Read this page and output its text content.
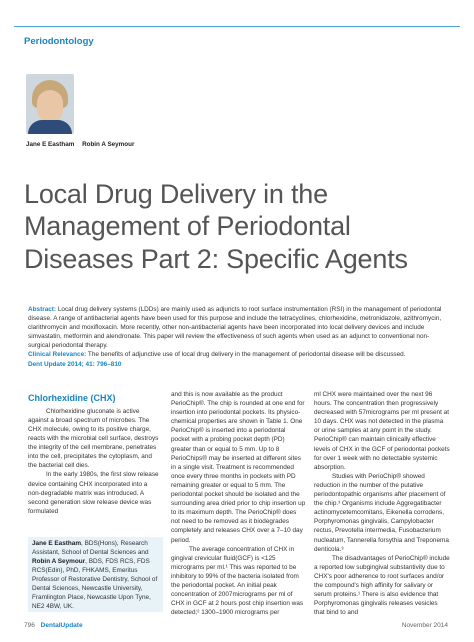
Periodontology
Jane E Eastham Robin A Seymour
Local Drug Delivery in the
Management of Periodontal
Diseases Part 2: Specific Agents
Abstract: Local drug delivery systems (LDDs) are mainly used as adjuncts to root surface instrumentation (RSI) in the management of periodontal disease. A range of antibacterial agents have been used for this purpose and include the tetracyclines, chlorhexidine, metronidazole, azithromycin, clarithromycin and moxifloxacin. More recently, other non-antibacterial agents have been incorporated into local delivery devices and include simvastatin, metformin and alendronate. This paper will review the effectiveness of such agents when used as an adjunct to conventional non-surgical periodontal therapy.
Clinical Relevance: The benefits of adjunctive use of local drug delivery in the management of periodontal disease will be discussed.
Dent Update 2014; 41: 796–810
Chlorhexidine (CHX)

Chlorhexidine gluconate is active against a broad spectrum of microbes. The CHX molecule, owing to its positive charge, reacts with the microbial cell surface, destroys the integrity of the cell membrane, penetrates into the cell, precipitates the cytoplasm, and the bacterial cell dies.

In the early 1980s, the first slow release device containing CHX incorporated into a non-degradable matrix was introduced. A second generation slow release device was formulated

Jane E Eastham, BDS(Hons), Research Assistant, School of Dental Sciences and Robin A Seymour, BDS, FDS RCS, FDS RCS(Edin), PhD, FHKAMS, Emeritus Professor of Restorative Dentistry, School of Dental Sciences, Newcastle University, Framlington Place, Newcastle Upon Tyne, NE2 4BW, UK.

and this is now available as the product PerioChip®. The chip is rounded at one end for insertion into periodontal pockets. Its physico-chemical properties are shown in Table 1. One PerioChip® is inserted into a periodontal pocket with a probing pocket depth (PD) greater than or equal to 5 mm. Up to 8 PerioChips® may be inserted at different sites in a single visit. Treatment is recommended once every three months in pockets with PD remaining greater or equal to 5 mm. The periodontal pocket should be isolated and the surrounding area dried prior to chip insertion up to its maximum depth. The PerioChip® does not need to be removed as it biodegrades completely and releases CHX over a 7–10 day period.

The average concentration of CHX in gingival crevicular fluid(GCF) is <125 micrograms per ml.¹ This was reported to be inhibitory to 99% of the bacteria isolated from the periodontal pocket. An initial peak concentration of 2007micrograms per ml of CHX in GCF at 2 hours post chip insertion was detected;² 1300–1900 micrograms per

ml CHX were maintained over the next 96 hours. The concentration then progressively decreased with 57micrograms per ml present at 10 days. CHX was not detected in the plasma or urine samples at any point in the study. PerioChip® can maintain clinically effective levels of CHX in the GCF of periodontal pockets for over 1 week with no detectable systemic absorption.

Studies with PerioChip® showed reduction in the number of the putative periodontopathic organisms after placement of the chip.³ Organisms include Aggregatibacter actinomycetemcomitans, Eikenella corrodens, Porphyromonas gingivalis, Campylobacter rectus, Prevotella intermedia, Fusobacterium nucleatum, Tannerella forsythia and Treponema denticola.³

The disadvantages of PerioChip® include a reported low subgingival substantivity due to CHX's poor adherence to root surfaces and/or the compound's high affinity for salivary or serum proteins.¹ There is also evidence that Porphyromonas gingivalis releases vesicles that bind to and

796 DentalUpdate	November 2014
